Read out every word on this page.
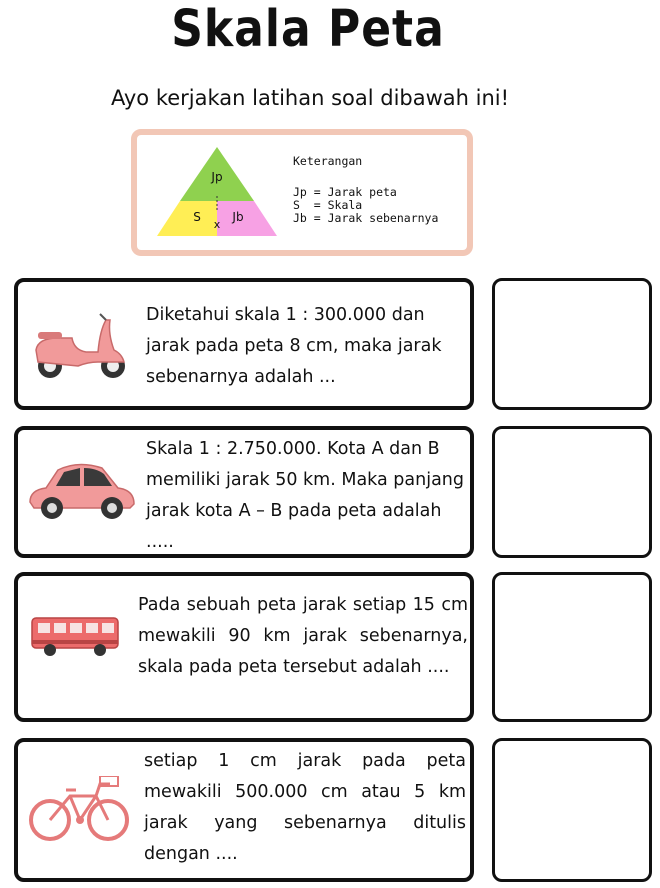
Skala Peta
Ayo kerjakan latihan soal dibawah ini!
Jp
S
x
Jb
Keterangan
Jp = Jarak peta
S  = Skala
Jb = Jarak sebenarnya
Diketahui skala 1 : 300.000 dan jarak pada peta 8 cm, maka jarak sebenarnya adalah ...
Skala 1 : 2.750.000. Kota A dan B memiliki jarak 50 km. Maka panjang jarak kota A – B pada peta adalah .....
Pada sebuah peta jarak setiap 15 cm mewakili 90 km jarak sebenarnya, skala pada peta tersebut adalah ....
setiap 1 cm jarak pada peta mewakili 500.000 cm atau 5 km jarak yang sebenarnya ditulis dengan ....
